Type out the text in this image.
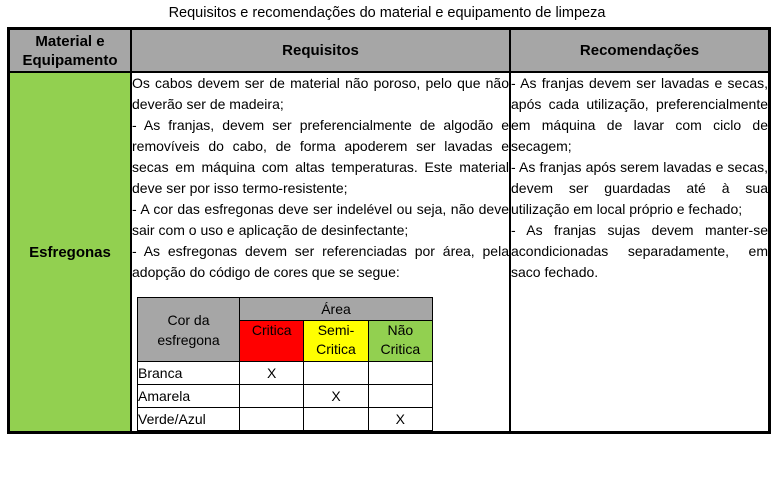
Requisitos e recomendações do material e equipamento de limpeza
Material e Equipamento	Requisitos	Recomendações
Esfregonas	

Os cabos devem ser de material não poroso, pelo que não deverão ser de madeira;

- As franjas, devem ser preferencialmente de algodão e removíveis do cabo, de forma apoderem ser lavadas e secas em máquina com altas temperaturas. Este material deve ser por isso termo-resistente;

- A cor das esfregonas deve ser indelével ou seja, não deve sair com o uso e aplicação de desinfectante;

- As esfregonas devem ser referenciadas por área, pela adopção do código de cores que se segue:

Cor da esfregona	Área
Critica	Semi-Critica	Não Critica
Branca	X		
Amarela		X	
Verde/Azul			X

- As franjas devem ser lavadas e secas, após cada utilização, preferencialmente em máquina de lavar com ciclo de secagem;

- As franjas após serem lavadas e secas, devem ser guardadas até à sua utilização em local próprio e fechado;

- As franjas sujas devem manter-se acondicionadas separadamente, em saco fechado.
